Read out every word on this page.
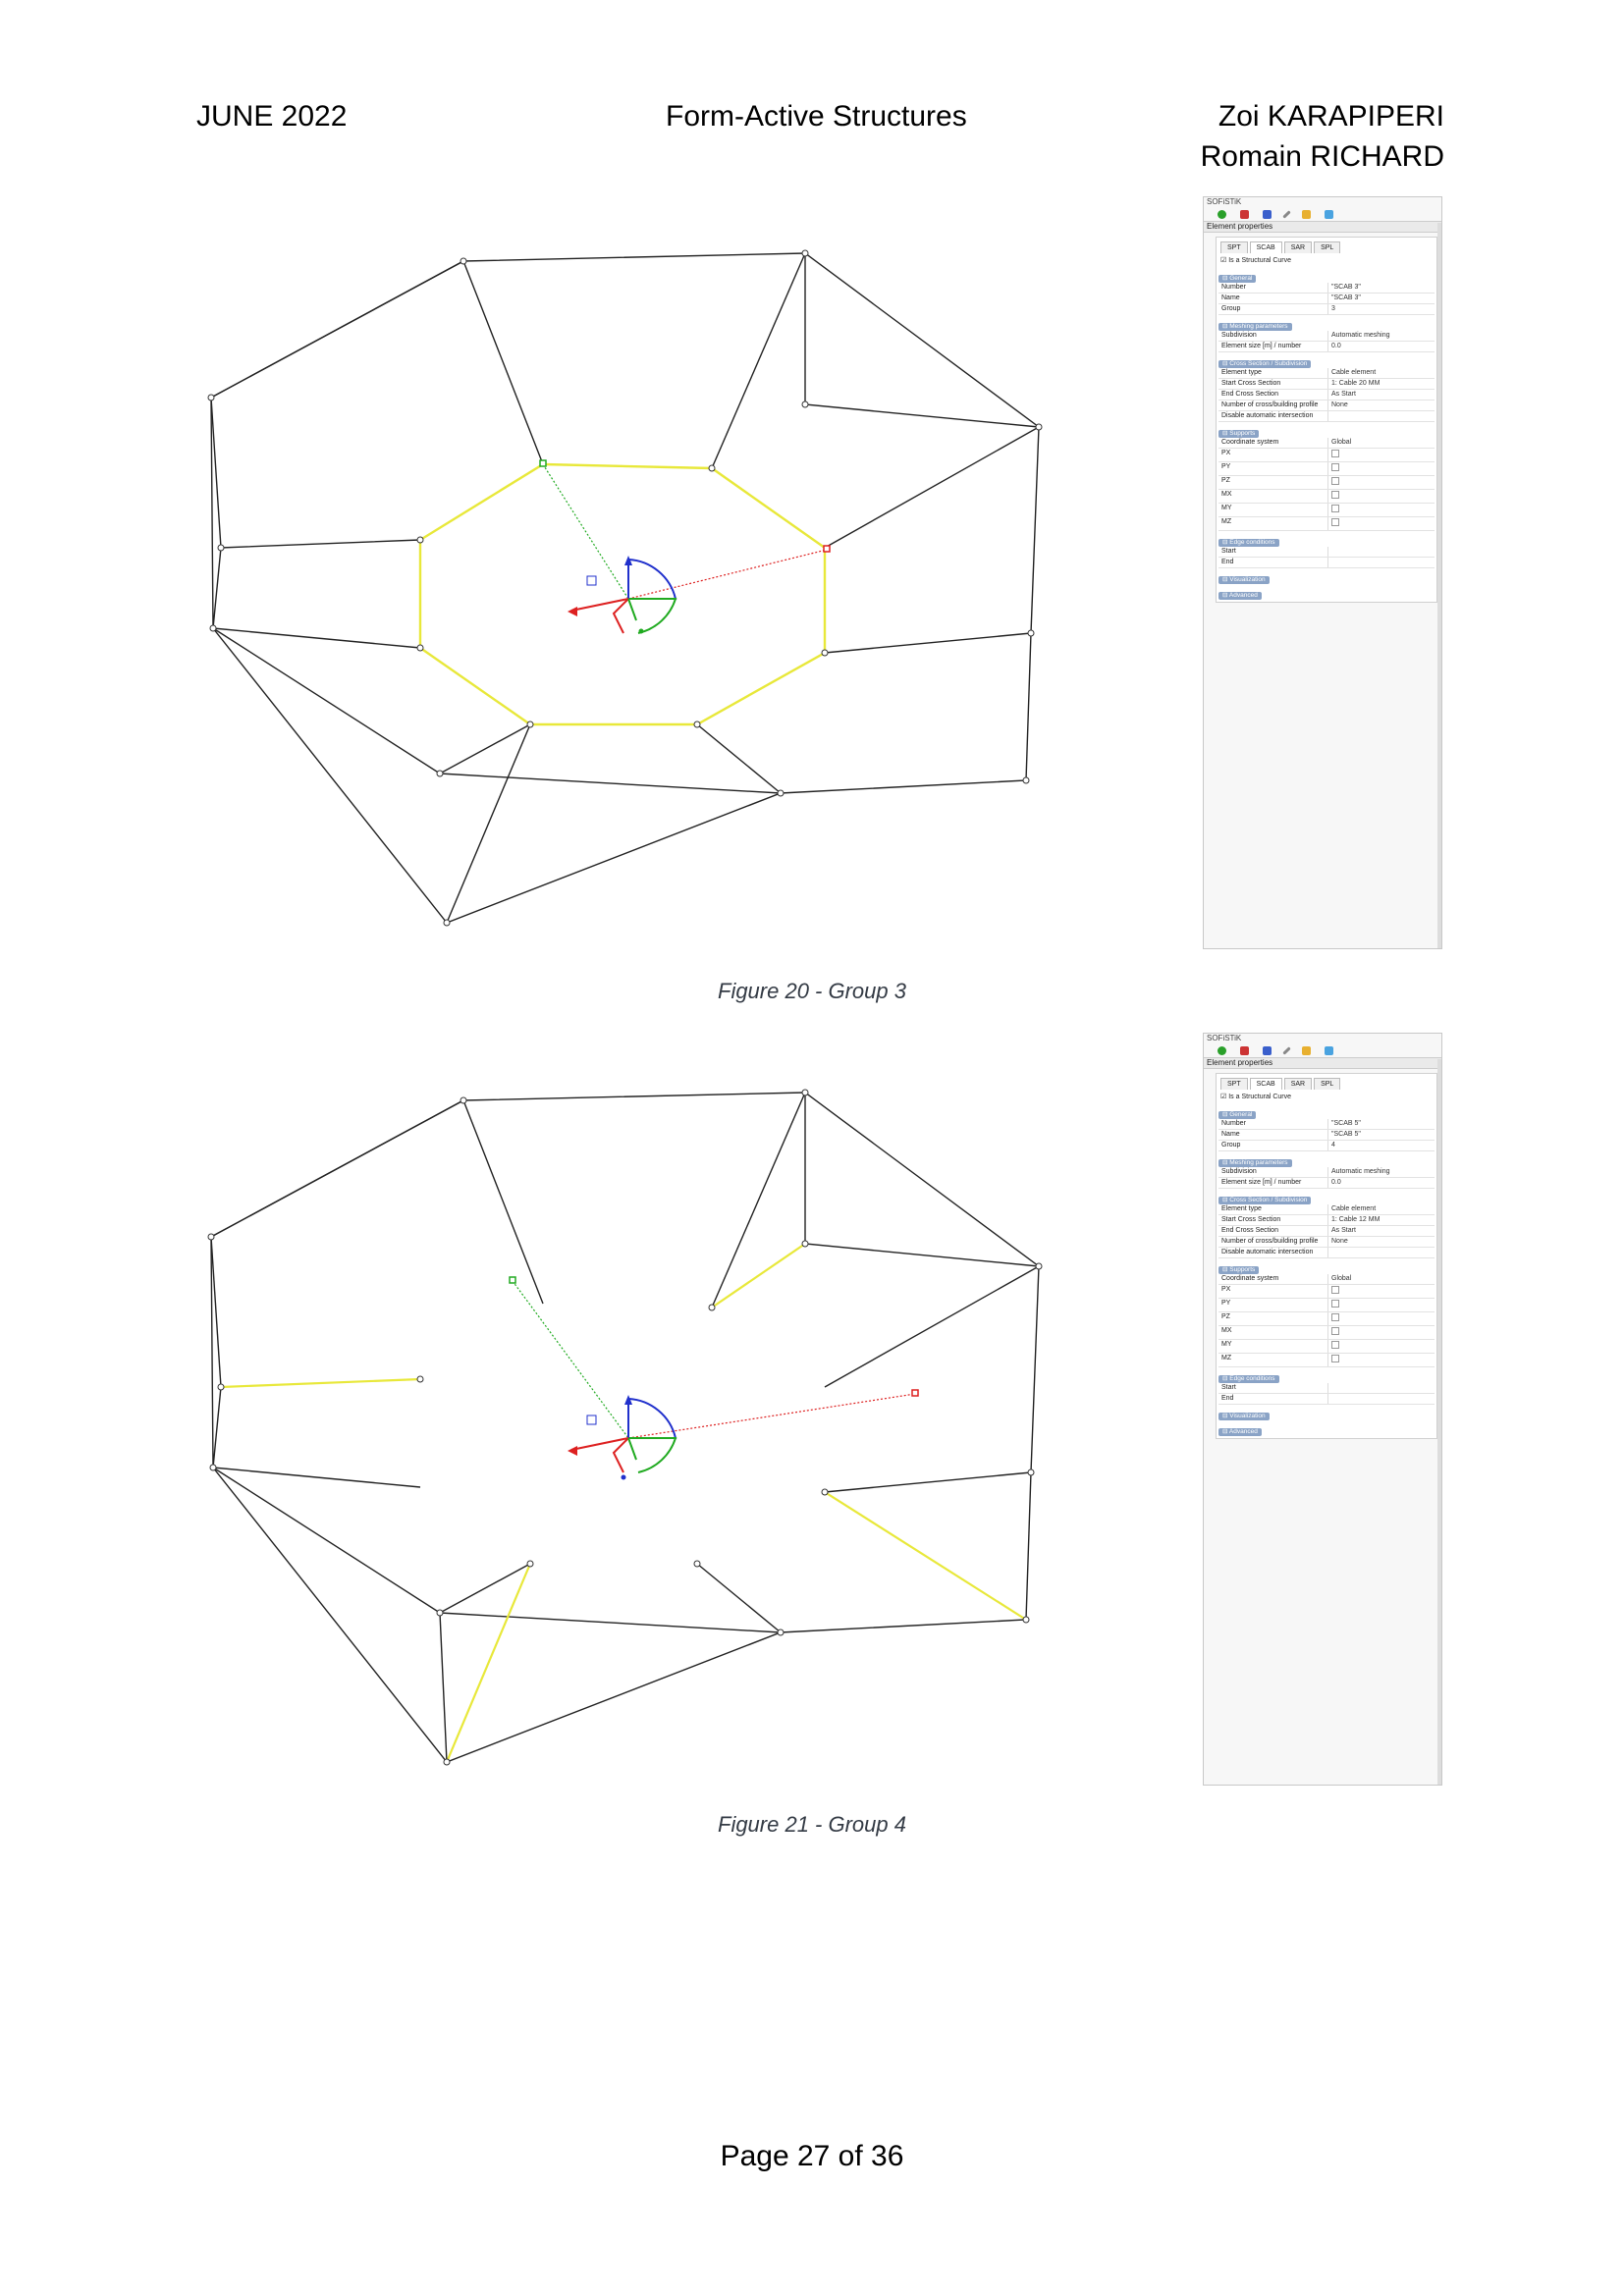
JUNE 2022	Form-Active Structures	Zoi KARAPIPERI
Romain RICHARD
SOFiSTiK
Element properties
SPT	SCAB	SAR	SPL
☑ Is a Structural Curve
⊟ General
Number	"SCAB 3"
Name	"SCAB 3"
Group	3
⊟ Meshing parameters
Subdivision	Automatic meshing
Element size [m] / number	0.0
⊟ Cross Section / Subdivision
Element type	Cable element
Start Cross Section	1: Cable 20 MM
End Cross Section	As Start
Number of cross/building profile	None
Disable automatic intersection
⊟ Supports
Coordinate system	Global
PX
PY
PZ
MX
MY
MZ
⊟ Edge conditions
Start
End
⊟ Visualization
⊟ Advanced
Figure 20 - Group 3
SOFiSTiK
Element properties
SPT	SCAB	SAR	SPL
☑ Is a Structural Curve
⊟ General
Number	"SCAB 5"
Name	"SCAB 5"
Group	4
⊟ Meshing parameters
Subdivision	Automatic meshing
Element size [m] / number	0.0
⊟ Cross Section / Subdivision
Element type	Cable element
Start Cross Section	1: Cable 12 MM
End Cross Section	As Start
Number of cross/building profile	None
Disable automatic intersection
⊟ Supports
Coordinate system	Global
PX
PY
PZ
MX
MY
MZ
⊟ Edge conditions
Start
End
⊟ Visualization
⊟ Advanced
Figure 21 - Group 4
Page 27 of 36
